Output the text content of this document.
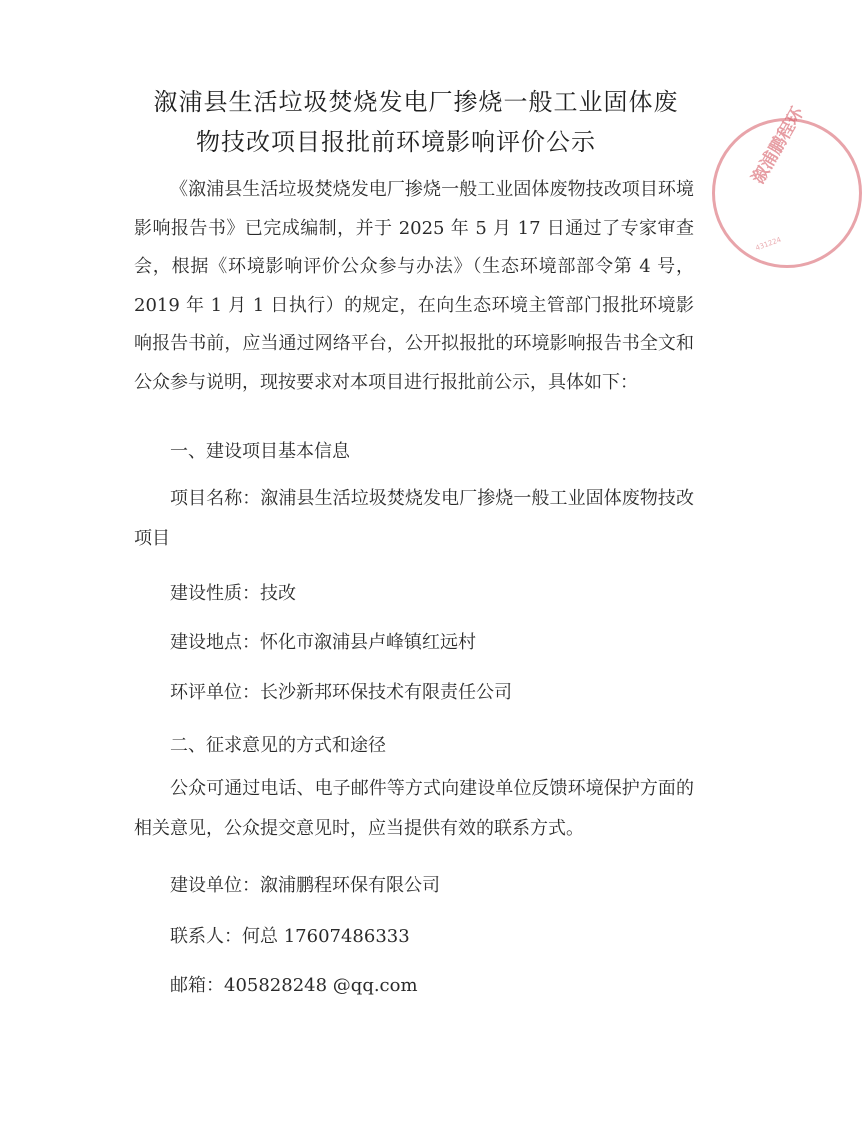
溆浦鹏程环
431224
溆浦县生活垃圾焚烧发电厂掺烧一般工业固体废
物技改项目报批前环境影响评价公示

《溆浦县生活垃圾焚烧发电厂掺烧一般工业固体废物技改项目环境影响报告书》已完成编制，并于 2025 年 5 月 17 日通过了专家审查会，根据《环境影响评价公众参与办法》（生态环境部部令第 4 号，2019 年 1 月 1 日执行）的规定，在向生态环境主管部门报批环境影响报告书前，应当通过网络平台，公开拟报批的环境影响报告书全文和公众参与说明，现按要求对本项目进行报批前公示，具体如下：

一、建设项目基本信息

项目名称：溆浦县生活垃圾焚烧发电厂掺烧一般工业固体废物技改项目

建设性质：技改
建设地点：怀化市溆浦县卢峰镇红远村
环评单位：长沙新邦环保技术有限责任公司
二、征求意见的方式和途径

公众可通过电话、电子邮件等方式向建设单位反馈环境保护方面的相关意见，公众提交意见时，应当提供有效的联系方式。

建设单位：溆浦鹏程环保有限公司
联系人：何总 17607486333
邮箱：405828248 @qq.com
